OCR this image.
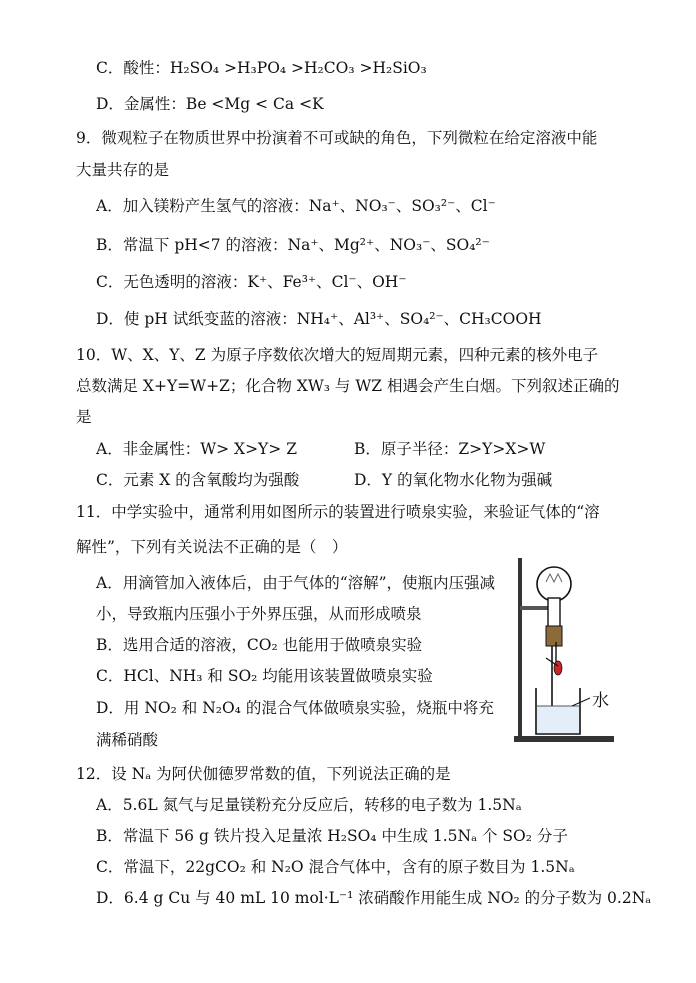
C．酸性：H₂SO₄ >H₃PO₄ >H₂CO₃ >H₂SiO₃
D．金属性：Be <Mg < Ca <K
9．微观粒子在物质世界中扮演着不可或缺的角色，下列微粒在给定溶液中能
大量共存的是
A．加入镁粉产生氢气的溶液：Na⁺、NO₃⁻、SO₃²⁻、Cl⁻
B．常温下 pH<7 的溶液：Na⁺、Mg²⁺、NO₃⁻、SO₄²⁻
C．无色透明的溶液：K⁺、Fe³⁺、Cl⁻、OH⁻
D．使 pH 试纸变蓝的溶液：NH₄⁺、Al³⁺、SO₄²⁻、CH₃COOH
10．W、X、Y、Z 为原子序数依次增大的短周期元素，四种元素的核外电子
总数满足 X+Y=W+Z；化合物 XW₃ 与 WZ 相遇会产生白烟。下列叙述正确的
是
A．非金属性：W> X>Y> Z	B．原子半径：Z>Y>X>W
C．元素 X 的含氧酸均为强酸	D．Y 的氧化物水化物为强碱
11．中学实验中，通常利用如图所示的装置进行喷泉实验，来验证气体的“溶
解性”，下列有关说法不正确的是（　）
A．用滴管加入液体后，由于气体的“溶解”，使瓶内压强减
小，导致瓶内压强小于外界压强，从而形成喷泉
B．选用合适的溶液，CO₂ 也能用于做喷泉实验
C．HCl、NH₃ 和 SO₂ 均能用该装置做喷泉实验
D．用 NO₂ 和 N₂O₄ 的混合气体做喷泉实验，烧瓶中将充
满稀硝酸
水
12．设 Nₐ 为阿伏伽德罗常数的值，下列说法正确的是
A．5.6L 氮气与足量镁粉充分反应后，转移的电子数为 1.5Nₐ
B．常温下 56 g 铁片投入足量浓 H₂SO₄ 中生成 1.5Nₐ 个 SO₂ 分子
C．常温下，22gCO₂ 和 N₂O 混合气体中，含有的原子数目为 1.5Nₐ
D．6.4 g Cu 与 40 mL 10 mol·L⁻¹ 浓硝酸作用能生成 NO₂ 的分子数为 0.2Nₐ
